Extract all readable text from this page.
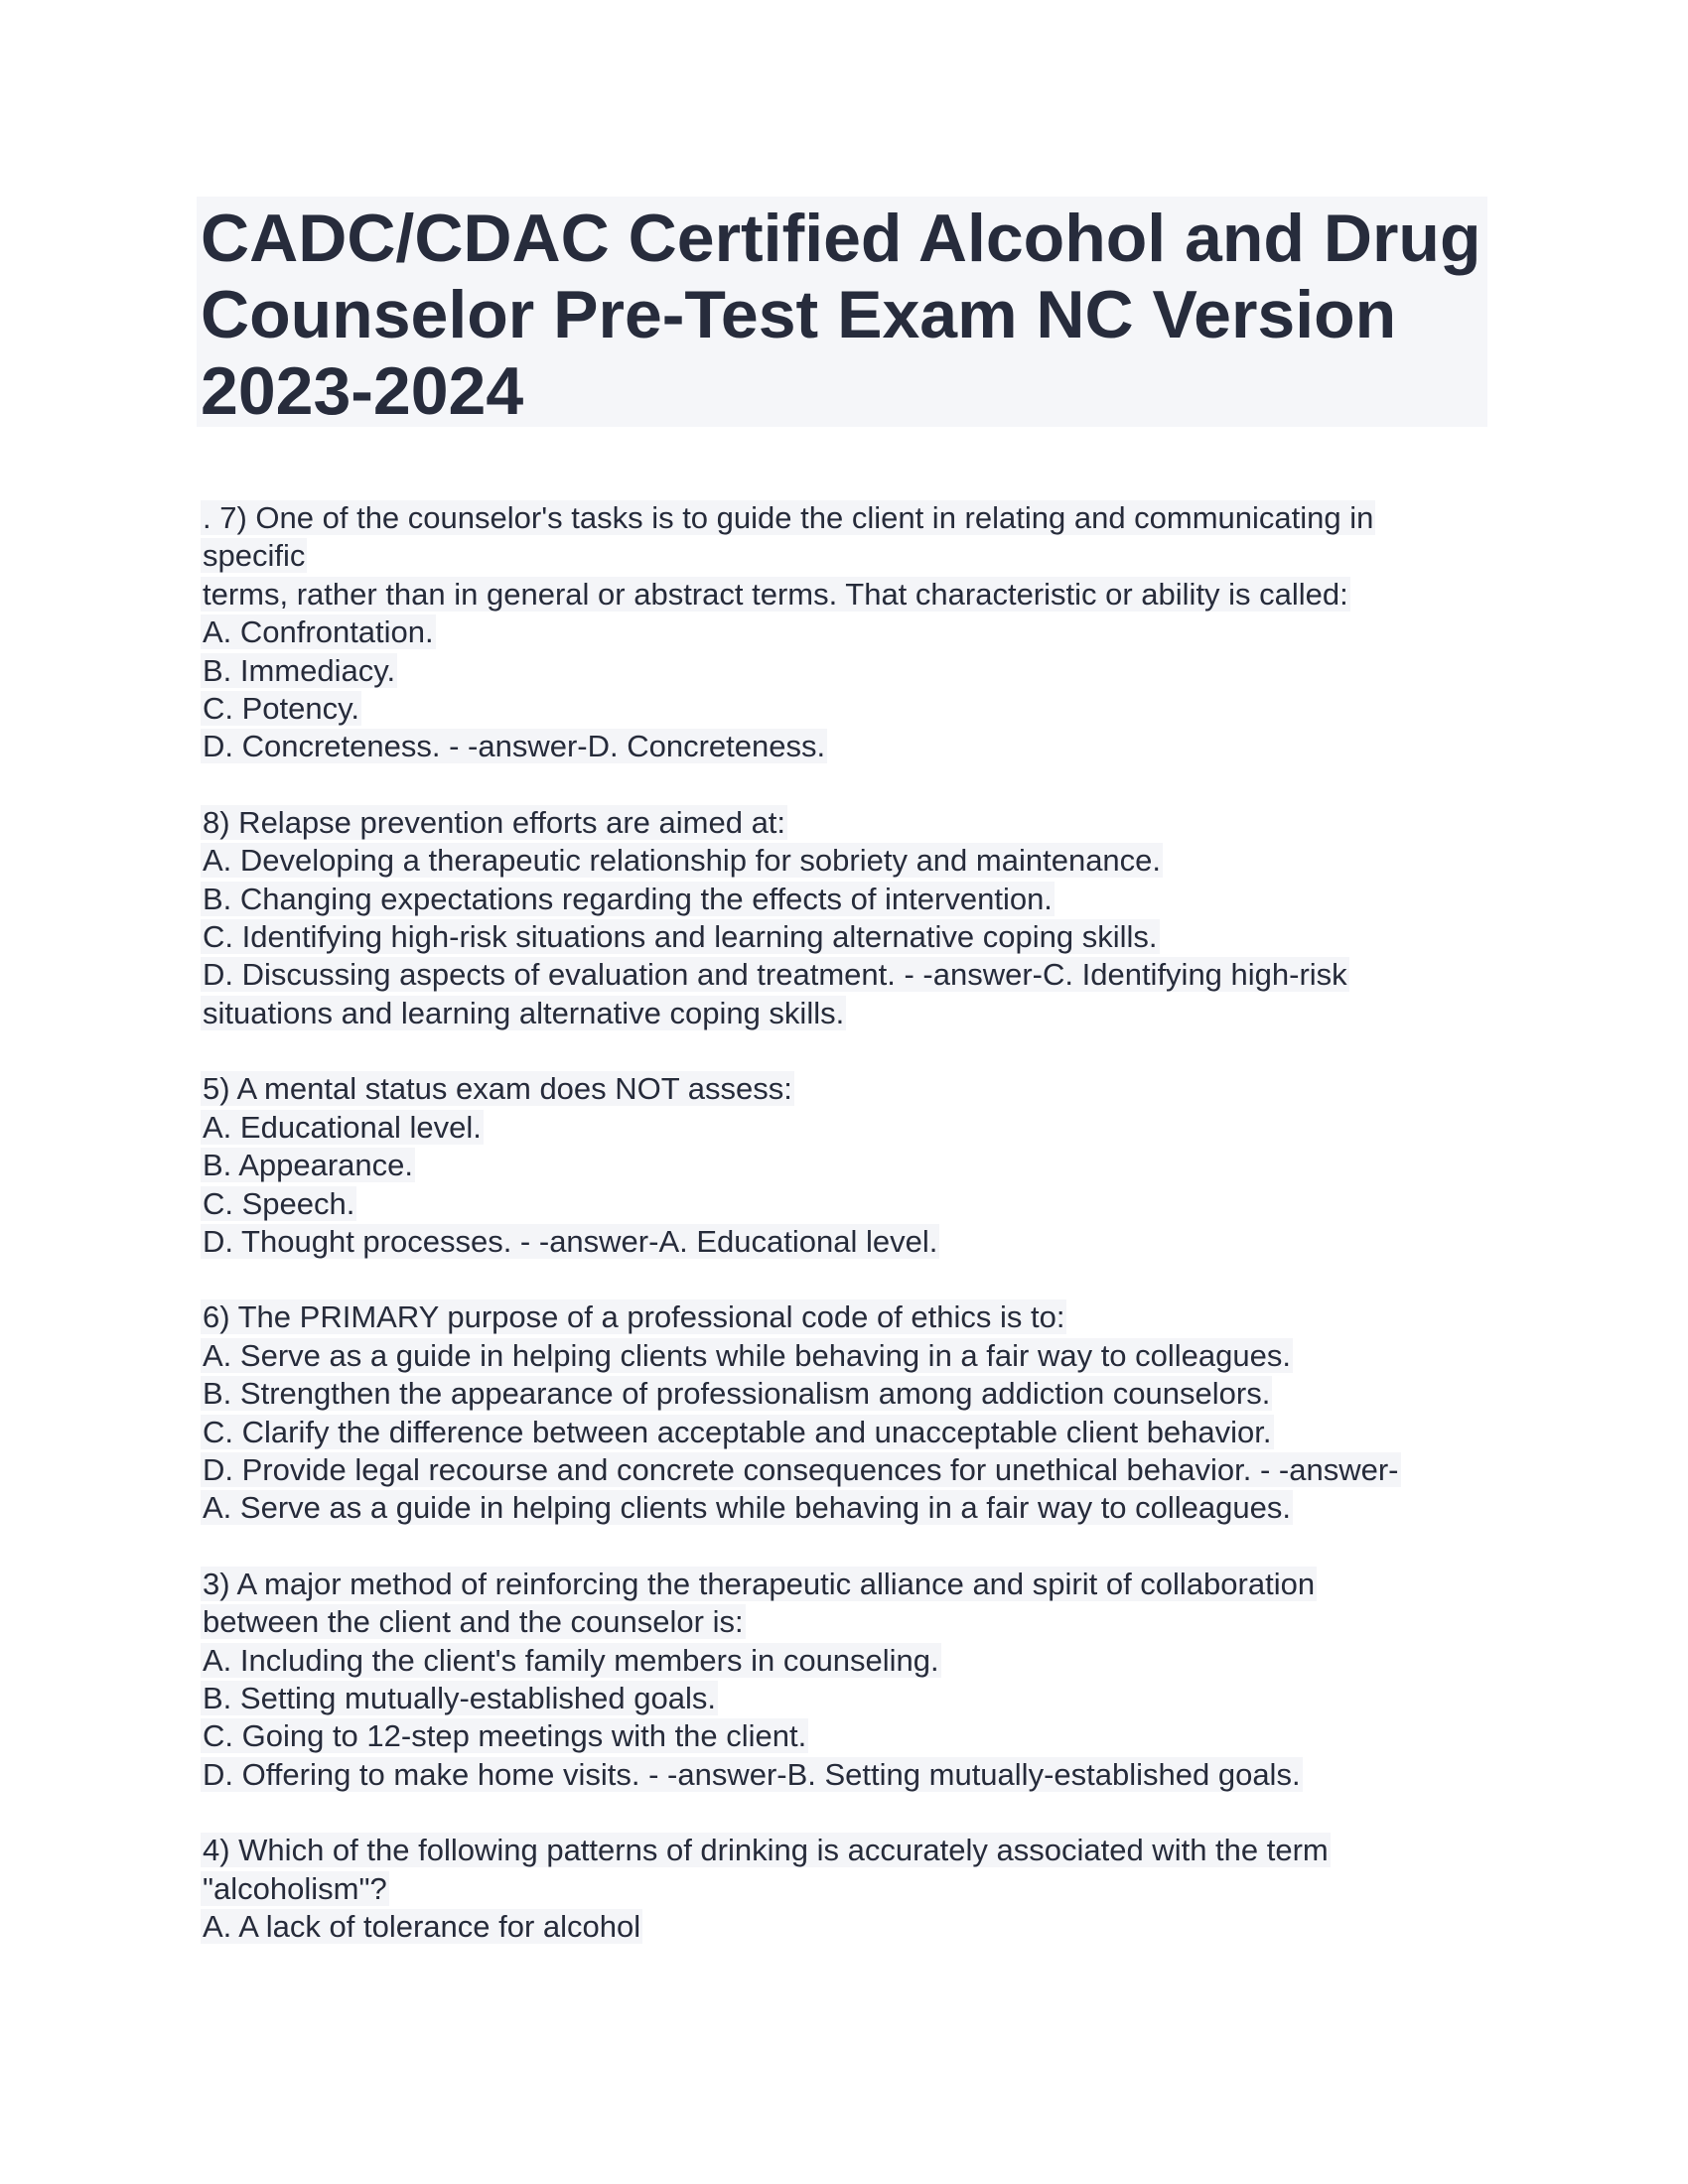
CADC/CDAC Certified Alcohol and Drug
Counselor Pre-Test Exam NC Version
2023-2024
. 7) One of the counselor's tasks is to guide the client in relating and communicating in
specific
terms, rather than in general or abstract terms. That characteristic or ability is called:
A. Confrontation.
B. Immediacy.
C. Potency.
D. Concreteness. - -answer-D. Concreteness.
8) Relapse prevention efforts are aimed at:
A. Developing a therapeutic relationship for sobriety and maintenance.
B. Changing expectations regarding the effects of intervention.
C. Identifying high-risk situations and learning alternative coping skills.
D. Discussing aspects of evaluation and treatment. - -answer-C. Identifying high-risk
situations and learning alternative coping skills.
5) A mental status exam does NOT assess:
A. Educational level.
B. Appearance.
C. Speech.
D. Thought processes. - -answer-A. Educational level.
6) The PRIMARY purpose of a professional code of ethics is to:
A. Serve as a guide in helping clients while behaving in a fair way to colleagues.
B. Strengthen the appearance of professionalism among addiction counselors.
C. Clarify the difference between acceptable and unacceptable client behavior.
D. Provide legal recourse and concrete consequences for unethical behavior. - -answer-
A. Serve as a guide in helping clients while behaving in a fair way to colleagues.
3) A major method of reinforcing the therapeutic alliance and spirit of collaboration
between the client and the counselor is:
A. Including the client's family members in counseling.
B. Setting mutually-established goals.
C. Going to 12-step meetings with the client.
D. Offering to make home visits. - -answer-B. Setting mutually-established goals.
4) Which of the following patterns of drinking is accurately associated with the term
"alcoholism"?
A. A lack of tolerance for alcohol
